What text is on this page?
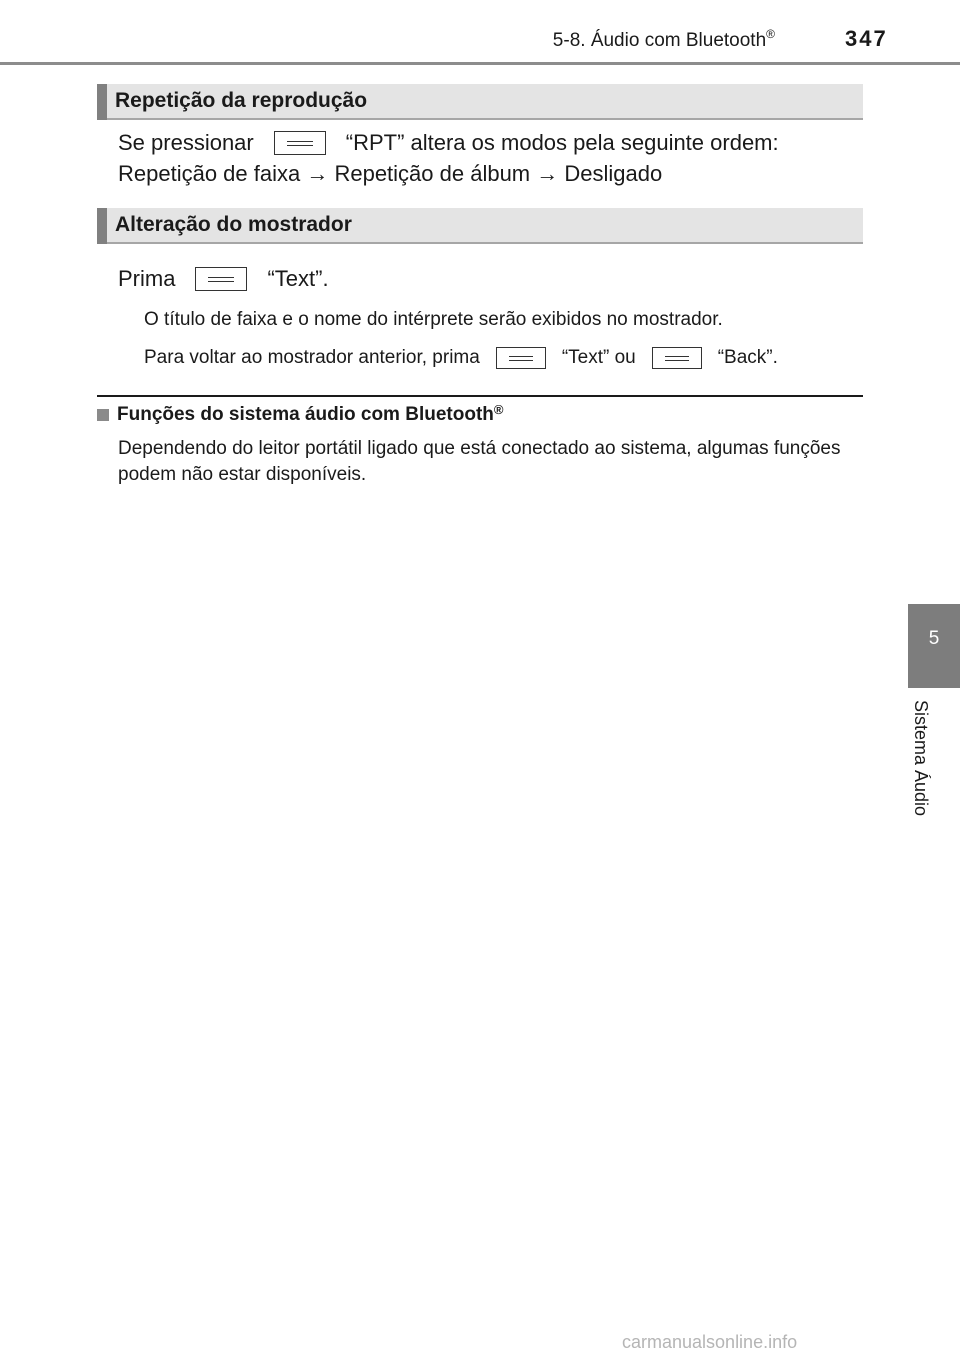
5-8. Áudio com Bluetooth®	347
5
Sistema Áudio
Repetição da reprodução
Se pressionar	“RPT” altera os modos pela seguinte ordem:
Repetição de faixa → Repetição de álbum → Desligado
Alteração do mostrador
Prima	“Text”.
O título de faixa e o nome do intérprete serão exibidos no mostrador.
Para voltar ao mostrador anterior, prima	“Text” ou	“Back”.
Funções do sistema áudio com Bluetooth®
Dependendo do leitor portátil ligado que está conectado ao sistema, algumas funções podem não estar disponíveis.
carmanualsonline.info
